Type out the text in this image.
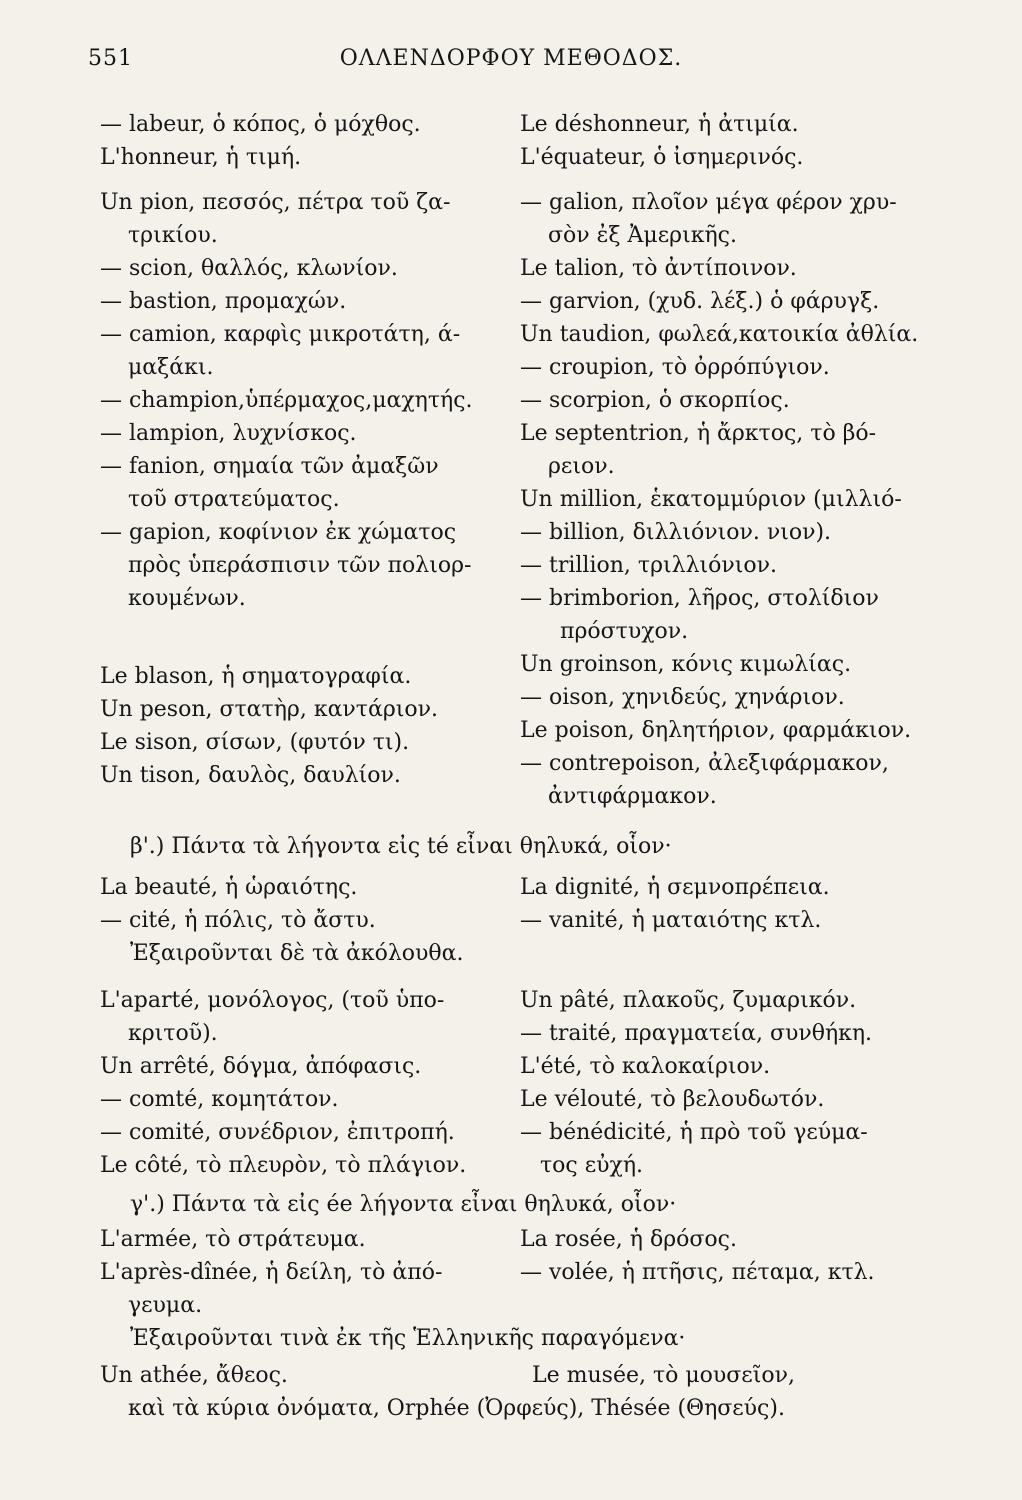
551	ΟΛΛΕΝΔΟΡΦΟΥ ΜΕΘΟΔΟΣ.
— labeur, ὁ κόπος, ὁ μόχθος.
L'honneur, ἡ τιμή.
Un pion, πεσσός, πέτρα τοῦ ζα-
τρικίου.
— scion, θαλλός, κλωνίον.
— bastion, προμαχών.
— camion, καρφὶς μικροτάτη, ά-
μαξάκι.
— champion,ὑπέρμαχος,μαχητής.
— lampion, λυχνίσκος.
— fanion, σημαία τῶν ἀμαξῶν
τοῦ στρατεύματος.
— gapion, κοφίνιον ἐκ χώματος
πρὸς ὑπεράσπισιν τῶν πολιορ-
κουμένων.
Le blason, ἡ σηματογραφία.
Un peson, στατὴρ, καντάριον.
Le sison, σίσων, (φυτόν τι).
Un tison, δαυλὸς, δαυλίον.
Le déshonneur, ἡ ἀτιμία.
L'équateur, ὁ ἰσημερινός.
— galion, πλοῖον μέγα φέρον χρυ-
σὸν ἐξ Ἀμερικῆς.
Le talion, τὸ ἀντίποινον.
— garvion, (χυδ. λέξ.) ὁ φάρυγξ.
Un taudion, φωλεά,κατοικία ἀθλία.
— croupion, τὸ ὀρρόπύγιον.
— scorpion, ὁ σκορπίος.
Le septentrion, ἡ ἄρκτος, τὸ βό-
ρειον.
Un million, ἑκατομμύριον (μιλλιό-
— billion, διλλιόνιον. νιον).
— trillion, τριλλιόνιον.
— brimborion, λῆρος, στολίδιον
πρόστυχον.
Un groinson, κόνις κιμωλίας.
— oison, χηνιδεύς, χηνάριον.
Le poison, δηλητήριον, φαρμάκιον.
— contrepoison, ἀλεξιφάρμακον,
ἀντιφάρμακον.
β'.) Πάντα τὰ λήγοντα εἰς té εἶναι θηλυκά, οἷον·
La beauté, ἡ ὡραιότης.
— cité, ἡ πόλις, τὸ ἄστυ.
La dignité, ἡ σεμνοπρέπεια.
— vanité, ἡ ματαιότης κτλ.
Ἐξαιροῦνται δὲ τὰ ἀκόλουθα.
L'aparté, μονόλογος, (τοῦ ὑπο-
κριτοῦ).
Un arrêté, δόγμα, ἀπόφασις.
— comté, κομητάτον.
— comité, συνέδριον, ἐπιτροπή.
Le côté, τὸ πλευρὸν, τὸ πλάγιον.
Un pâté, πλακοῦς, ζυμαρικόν.
— traité, πραγματεία, συνθήκη.
L'été, τὸ καλοκαίριον.
Le vélouté, τὸ βελουδωτόν.
— bénédicité, ἡ πρὸ τοῦ γεύμα-
τος εὐχή.
γ'.) Πάντα τὰ εἰς ée λήγοντα εἶναι θηλυκά, οἷον·
L'armée, τὸ στράτευμα.
L'après-dînée, ἡ δείλη, τὸ ἀπό-
γευμα.
La rosée, ἡ δρόσος.
— volée, ἡ πτῆσις, πέταμα, κτλ.
Ἐξαιροῦνται τινὰ ἐκ τῆς Ἑλληνικῆς παραγόμενα·
Un athée, ἄθεος.	Le musée, τὸ μουσεῖον,
καὶ τὰ κύρια ὀνόματα, Orphée (Ὀρφεύς), Thésée (Θησεύς).
